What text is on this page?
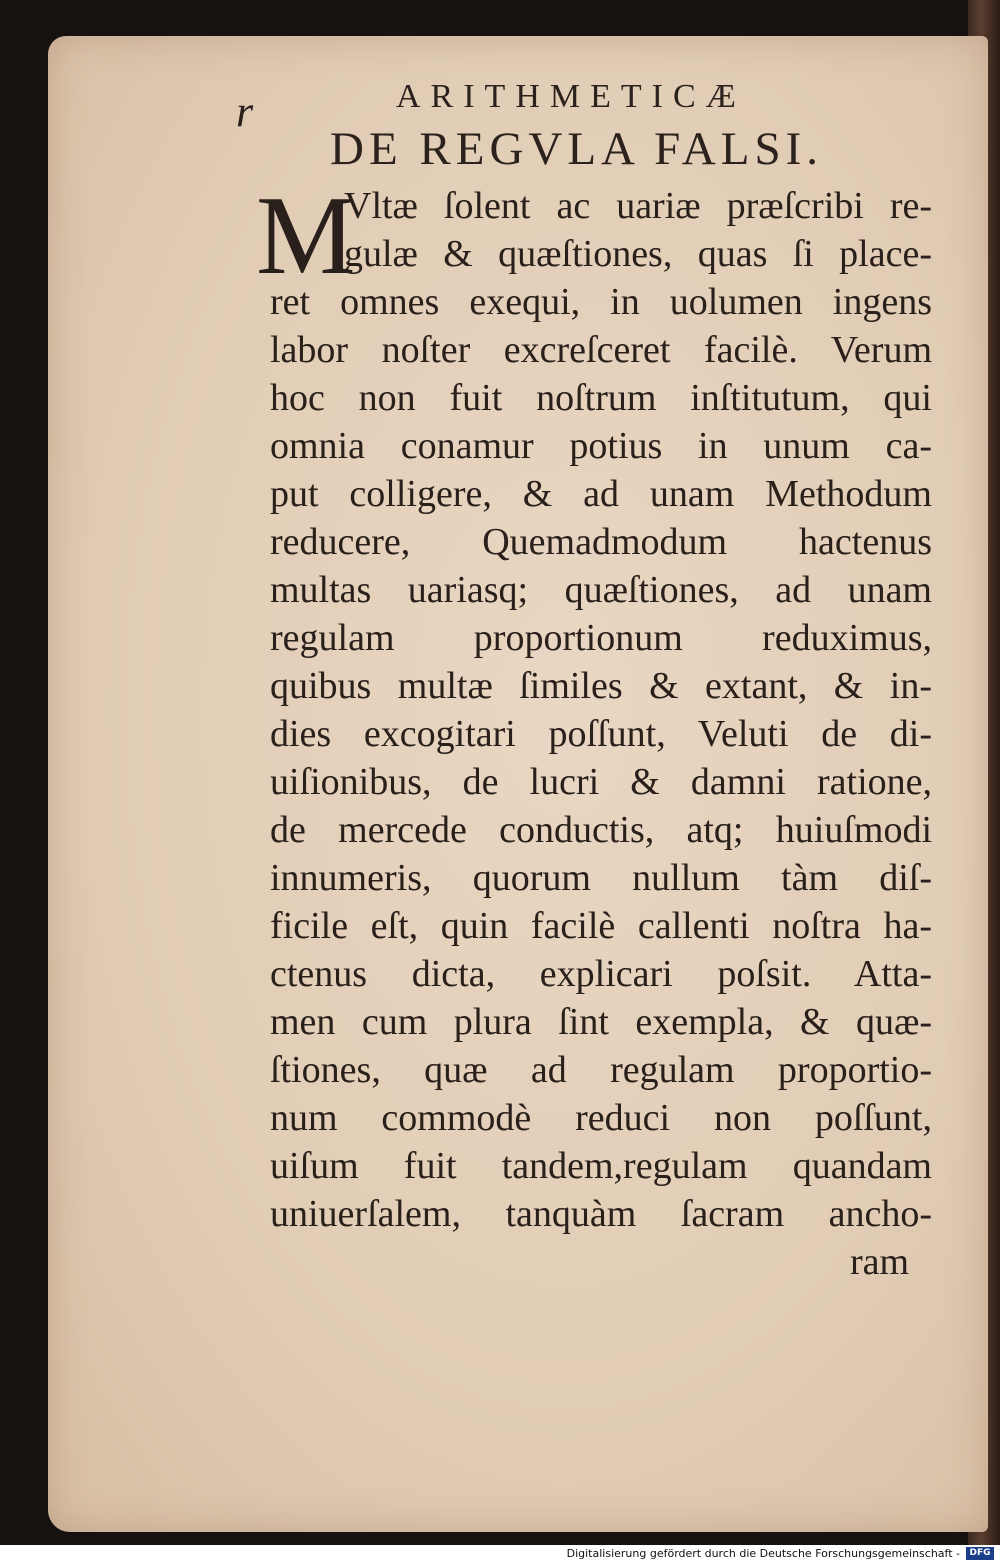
r	ARITHMETICÆ
DE REGVLA FALSI.
M
Vltæ ſolent ac uariæ præſcribi re-
gulæ & quæſtiones, quas ſi place-
ret omnes exequi, in uolumen ingens
labor noſter excreſceret facilè. Verum
hoc non fuit noſtrum inſtitutum, qui
omnia conamur potius in unum ca-
put colligere, & ad unam Methodum
reducere, Quemadmodum hactenus
multas uariasq; quæſtiones, ad unam
regulam proportionum reduximus,
quibus multæ ſimiles & extant, & in-
dies excogitari poſſunt, Veluti de di-
uiſionibus, de lucri & damni ratione,
de mercede conductis, atq; huiuſmodi
innumeris, quorum nullum tàm diſ-
ficile eſt, quin facilè callenti noſtra ha-
ctenus dicta, explicari poſsit. Atta-
men cum plura ſint exempla, & quæ-
ſtiones, quæ ad regulam proportio-
num commodè reduci non poſſunt,
uiſum fuit tandem,regulam quandam
uniuerſalem, tanquàm ſacram ancho-
ram
Digitalisierung gefördert durch die Deutsche Forschungsgemeinschaft -	DFG
